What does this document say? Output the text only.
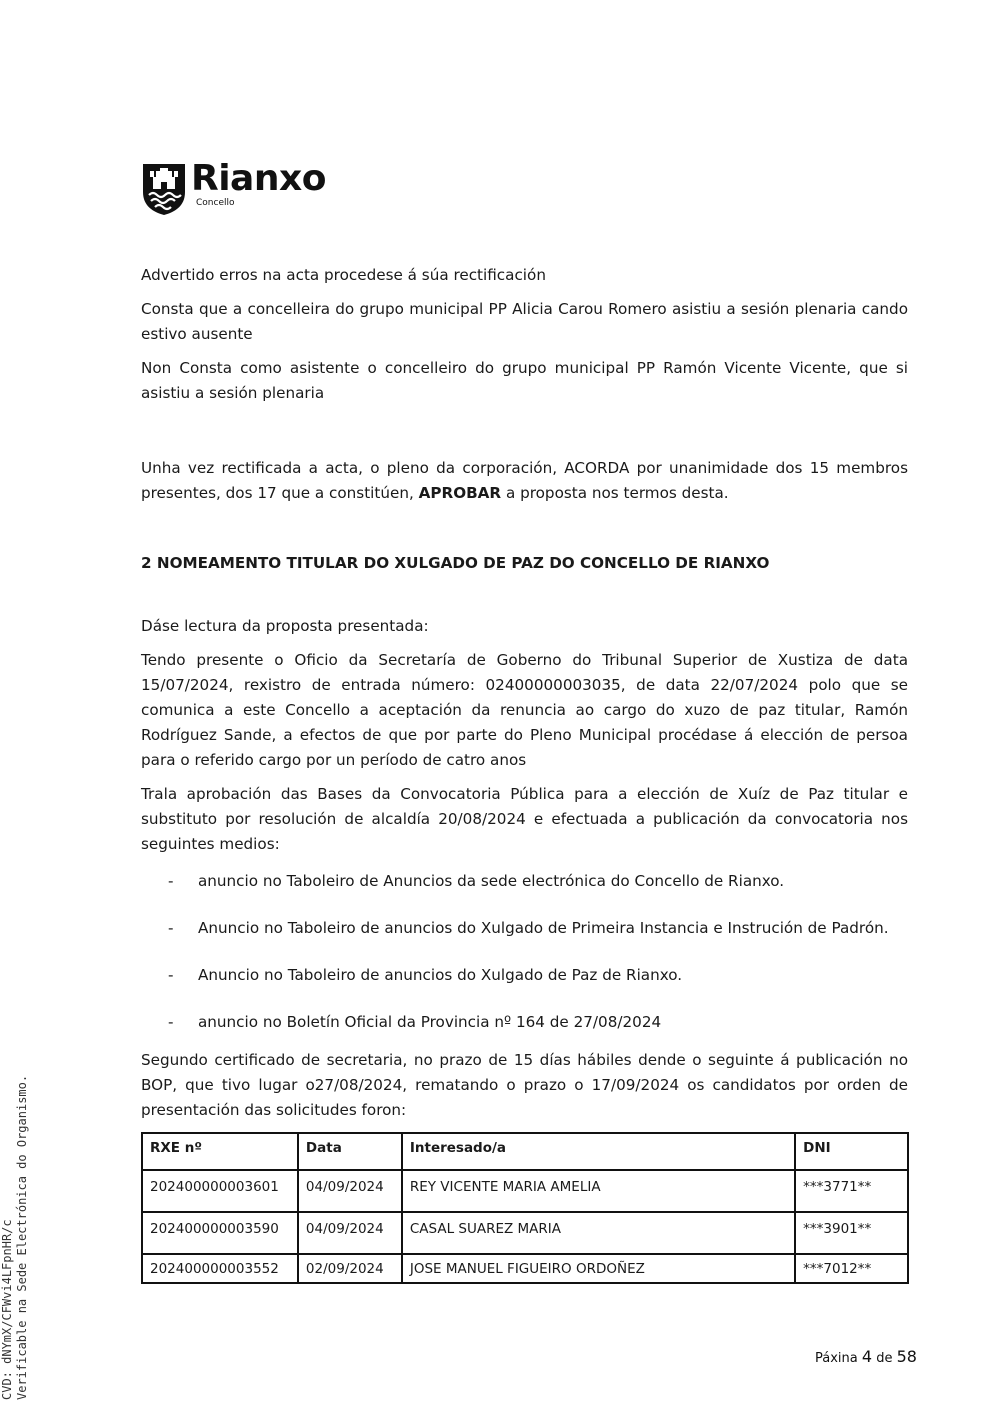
Rianxo
Concello

Advertido erros na acta procedese á súa rectificación

Consta que a concelleira do grupo municipal PP Alicia Carou Romero asistiu a sesión plenaria cando estivo ausente

Non Consta como asistente o concelleiro do grupo municipal PP Ramón Vicente Vicente, que si asistiu a sesión plenaria

Unha vez rectificada a acta, o pleno da corporación, ACORDA por unanimidade dos 15 membros presentes, dos 17 que a constitúen, APROBAR a proposta nos termos desta.

2 NOMEAMENTO TITULAR DO XULGADO DE PAZ DO CONCELLO DE RIANXO

Dáse lectura da proposta presentada:

Tendo presente o Oficio da Secretaría de Goberno do Tribunal Superior de Xustiza de data 15/07/2024, rexistro de entrada número: 02400000003035, de data 22/07/2024 polo que se comunica a este Concello a aceptación da renuncia ao cargo do xuzo de paz titular, Ramón Rodríguez Sande, a efectos de que por parte do Pleno Municipal procédase á elección de persoa para o referido cargo por un período de catro anos

Trala aprobación das Bases da Convocatoria Pública para a elección de Xuíz de Paz titular e substituto por resolución de alcaldía 20/08/2024 e efectuada a publicación da convocatoria nos seguintes medios:

- anuncio no Taboleiro de Anuncios da sede electrónica do Concello de Rianxo.
- Anuncio no Taboleiro de anuncios do Xulgado de Primeira Instancia e Instrución de Padrón.
- Anuncio no Taboleiro de anuncios do Xulgado de Paz de Rianxo.
- anuncio no Boletín Oficial da Provincia nº 164 de 27/08/2024

Segundo certificado de secretaria, no prazo de 15 días hábiles dende o seguinte á publicación no BOP, que tivo lugar o27/08/2024, rematando o prazo o 17/09/2024 os candidatos por orden de presentación das solicitudes foron:

RXE nº	Data	Interesado/a	DNI
202400000003601	04/09/2024	REY VICENTE MARIA AMELIA	***3771**
202400000003590	04/09/2024	CASAL SUAREZ MARIA	***3901**
202400000003552	02/09/2024	JOSE MANUEL FIGUEIRO ORDOÑEZ	***7012**
CVD: dNYmX/CFWvi4LFpnHR/c Verificable na Sede Electrónica do Organismo.	Páxina 4 de 58
